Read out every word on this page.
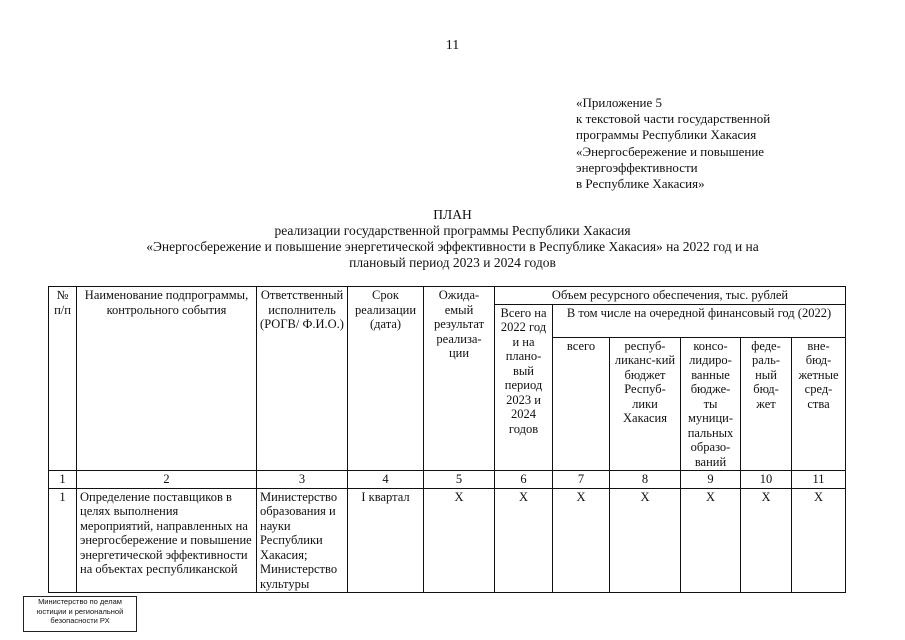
11
«Приложение 5
к текстовой части государственной
программы Республики Хакасия
«Энергосбережение и повышение
энергоэффективности
в Республике Хакасия»
ПЛАН
реализации государственной программы Республики Хакасия
«Энергосбережение и повышение энергетической эффективности в Республике Хакасия» на 2022 год и на
плановый период 2023 и 2024 годов
№ п/п	Наименование подпрограммы, контрольного события	Ответственный исполнитель (РОГВ/ Ф.И.О.)	Срок реализации (дата)	Ожида-емый результат реализа-ции	Объем ресурсного обеспечения, тыс. рублей					
					Всего на 2022 год и на плано-вый период 2023 и 2024 годов	В том числе на очередной финансовый год (2022)				
						всего	респуб-ликанс-кий бюджет Респуб-лики Хакасия	консо-лидиро-ванные бюдже-ты муници-пальных образо-ваний	феде-раль-ный бюд-жет	вне-бюд-жетные сред-ства
1	2	3	4	5	6	7	8	9	10	11
1	Определение поставщиков в целях выполнения мероприятий, направленных на энергосбережение и повышение энергетической эффективности на объектах республиканской	Министерство образования и науки Республики Хакасия; Министерство культуры	I квартал	X	X	X	X	X	X	X
Министерство по делам
юстиции и региональной
безопасности РХ
